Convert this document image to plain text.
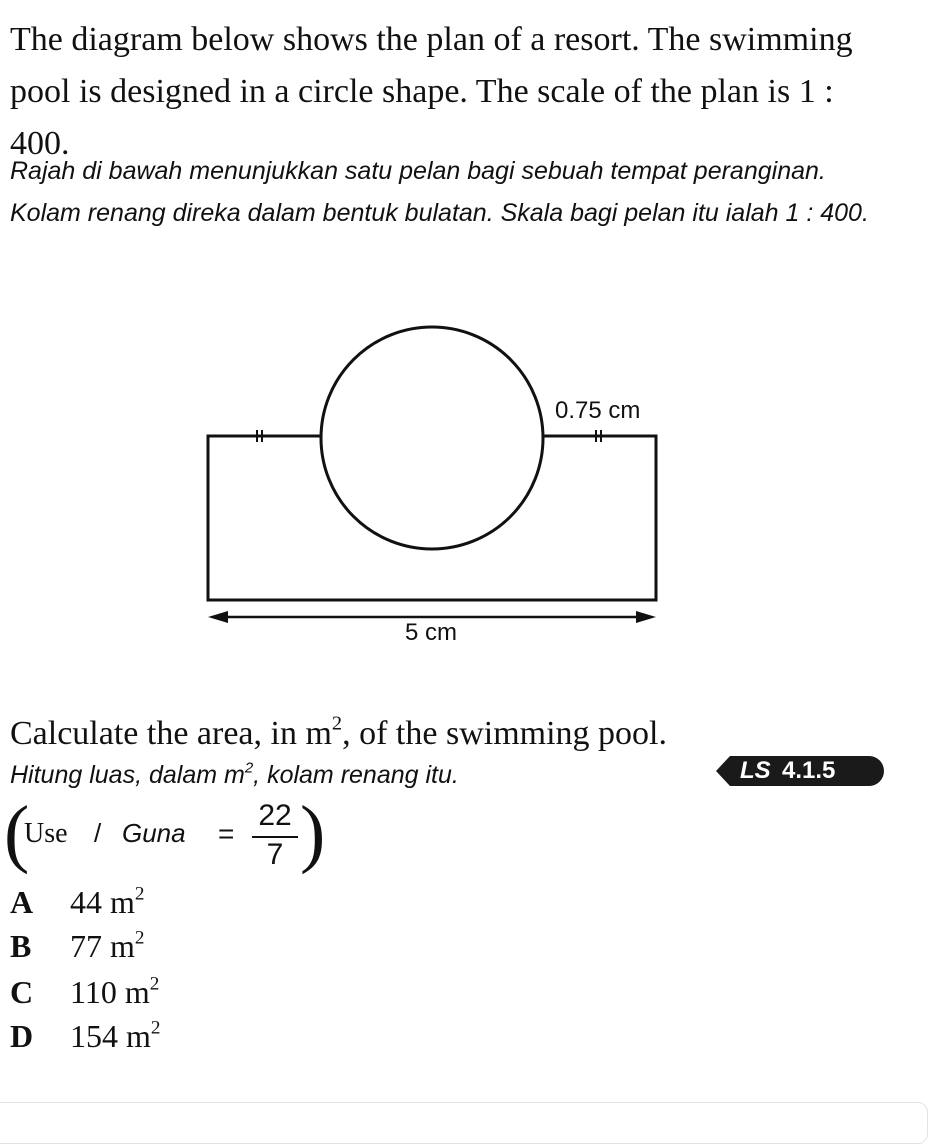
The diagram below shows the plan of a resort. The swimming pool is designed in a circle shape. The scale of the plan is 1 : 400.

Rajah di bawah menunjukkan satu pelan bagi sebuah tempat peranginan. Kolam renang direka dalam bentuk bulatan. Skala bagi pelan itu ialah 1 : 400.

0.75 cm
5 cm

Calculate the area, in $m^2$, of the swimming pool.

Hitung luas, dalam $m^2$, kolam renang itu.	LS 4.1.5
(
Use / Guna =
22
7 )
A 44 $m^2$
B 77 $m^2$
C 110 $m^2$
D 154 $m^2$
